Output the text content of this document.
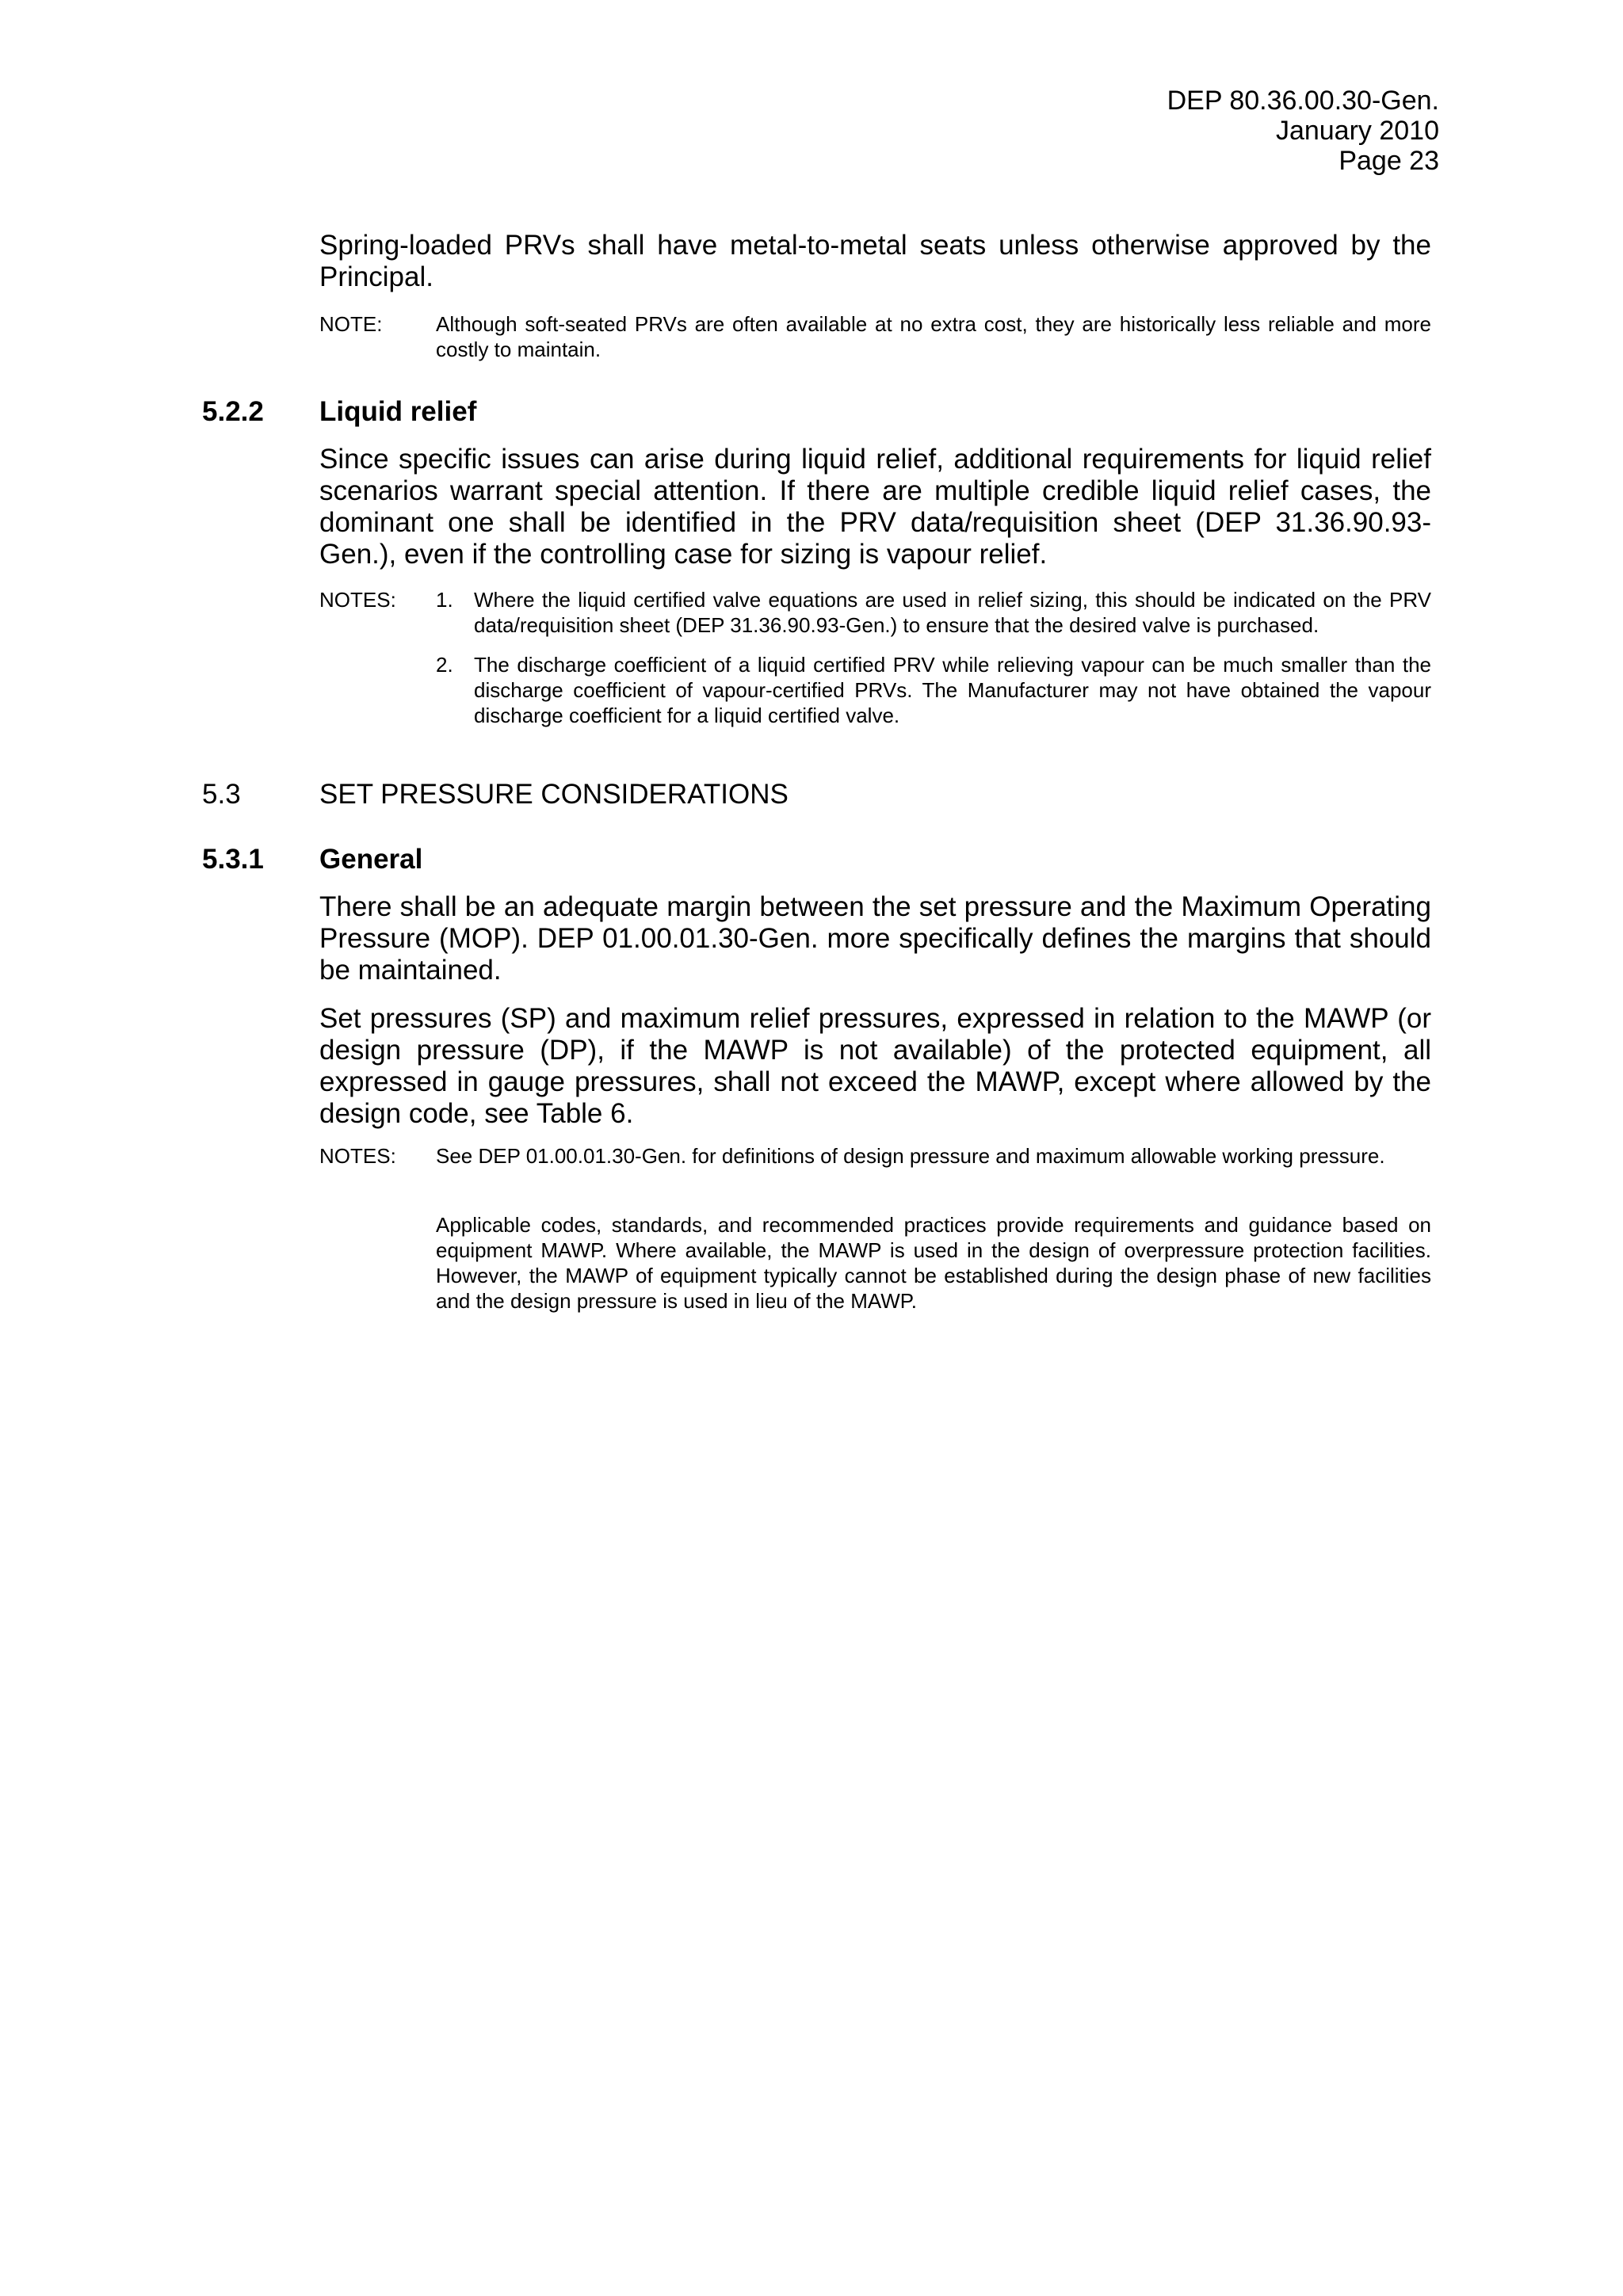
DEP 80.36.00.30-Gen.
January 2010
Page 23
Spring-loaded PRVs shall have metal-to-metal seats unless otherwise approved by the Principal.
NOTE:	Although soft-seated PRVs are often available at no extra cost, they are historically less reliable and more costly to maintain.
5.2.2 Liquid relief
Since specific issues can arise during liquid relief, additional requirements for liquid relief scenarios warrant special attention. If there are multiple credible liquid relief cases, the dominant one shall be identified in the PRV data/requisition sheet (DEP 31.36.90.93-Gen.), even if the controlling case for sizing is vapour relief.
NOTES: 1. Where the liquid certified valve equations are used in relief sizing, this should be indicated on the PRV data/requisition sheet (DEP 31.36.90.93-Gen.) to ensure that the desired valve is purchased.
2. The discharge coefficient of a liquid certified PRV while relieving vapour can be much smaller than the discharge coefficient of vapour-certified PRVs. The Manufacturer may not have obtained the vapour discharge coefficient for a liquid certified valve.
5.3	SET PRESSURE CONSIDERATIONS
5.3.1 General
There shall be an adequate margin between the set pressure and the Maximum Operating Pressure (MOP). DEP 01.00.01.30-Gen. more specifically defines the margins that should be maintained.
Set pressures (SP) and maximum relief pressures, expressed in relation to the MAWP (or design pressure (DP), if the MAWP is not available) of the protected equipment, all expressed in gauge pressures, shall not exceed the MAWP, except where allowed by the design code, see Table 6.
NOTES: See DEP 01.00.01.30-Gen. for definitions of design pressure and maximum allowable working pressure.
Applicable codes, standards, and recommended practices provide requirements and guidance based on equipment MAWP. Where available, the MAWP is used in the design of overpressure protection facilities. However, the MAWP of equipment typically cannot be established during the design phase of new facilities and the design pressure is used in lieu of the MAWP.
